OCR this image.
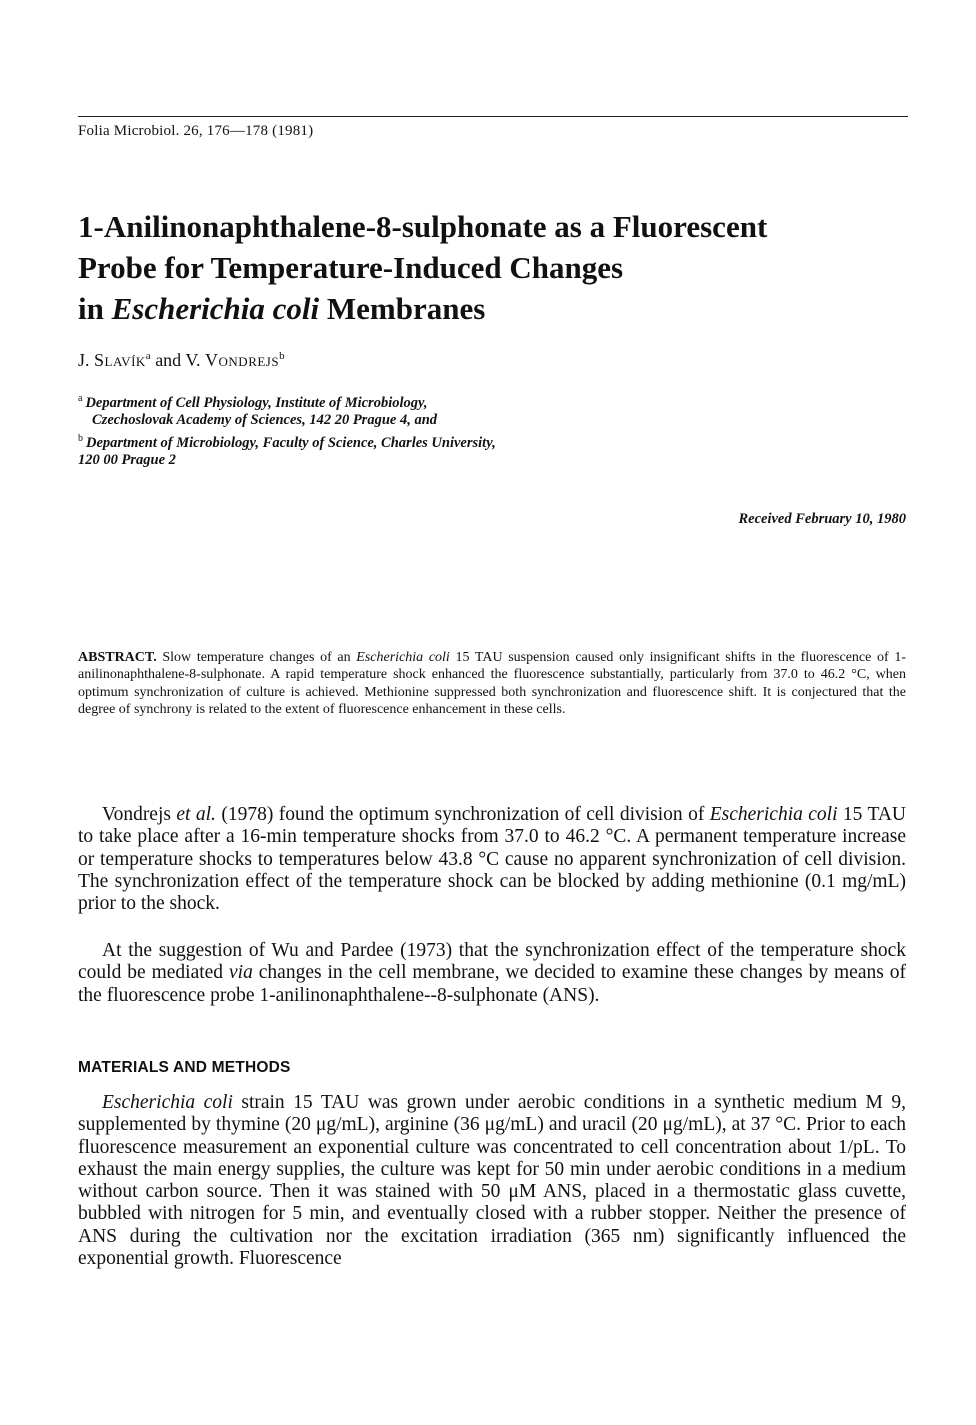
Folia Microbiol. 26, 176—178 (1981)
1-Anilinonaphthalene-8-sulphonate as a Fluorescent
Probe for Temperature-Induced Changes
in Escherichia coli Membranes
J. Slavík$^a$ and V. Vondrejs$^b$
$^a$ Department of Cell Physiology, Institute of Microbiology,
Czechoslovak Academy of Sciences, 142 20 Prague 4, and
$^b$ Department of Microbiology, Faculty of Science, Charles University,
120 00 Prague 2
Received February 10, 1980
ABSTRACT. Slow temperature changes of an Escherichia coli 15 TAU suspension caused only insignificant shifts in the fluorescence of 1-anilinonaphthalene-8-sulphonate. A rapid temperature shock enhanced the fluorescence substantially, particularly from 37.0 to 46.2 °C, when optimum synchronization of culture is achieved. Methionine suppressed both synchronization and fluorescence shift. It is conjectured that the degree of synchrony is related to the extent of fluorescence enhancement in these cells.

Vondrejs et al. (1978) found the optimum synchronization of cell division of Escherichia coli 15 TAU to take place after a 16-min temperature shocks from 37.0 to 46.2 °C. A permanent temperature increase or temperature shocks to temperatures below 43.8 °C cause no apparent synchronization of cell division. The synchronization effect of the temperature shock can be blocked by adding methionine (0.1 mg/mL) prior to the shock.

At the suggestion of Wu and Pardee (1973) that the synchronization effect of the temperature shock could be mediated via changes in the cell membrane, we decided to examine these changes by means of the fluorescence probe 1-anilinonaphthalene--8-sulphonate (ANS).

MATERIALS AND METHODS

Escherichia coli strain 15 TAU was grown under aerobic conditions in a synthetic medium M 9, supplemented by thymine (20 μg/mL), arginine (36 μg/mL) and uracil (20 μg/mL), at 37 °C. Prior to each fluorescence measurement an exponential culture was concentrated to cell concentration about 1/pL. To exhaust the main energy supplies, the culture was kept for 50 min under aerobic conditions in a medium without carbon source. Then it was stained with 50 μM ANS, placed in a thermostatic glass cuvette, bubbled with nitrogen for 5 min, and eventually closed with a rubber stopper. Neither the presence of ANS during the cultivation nor the excitation irradiation (365 nm) significantly influenced the exponential growth. Fluorescence
